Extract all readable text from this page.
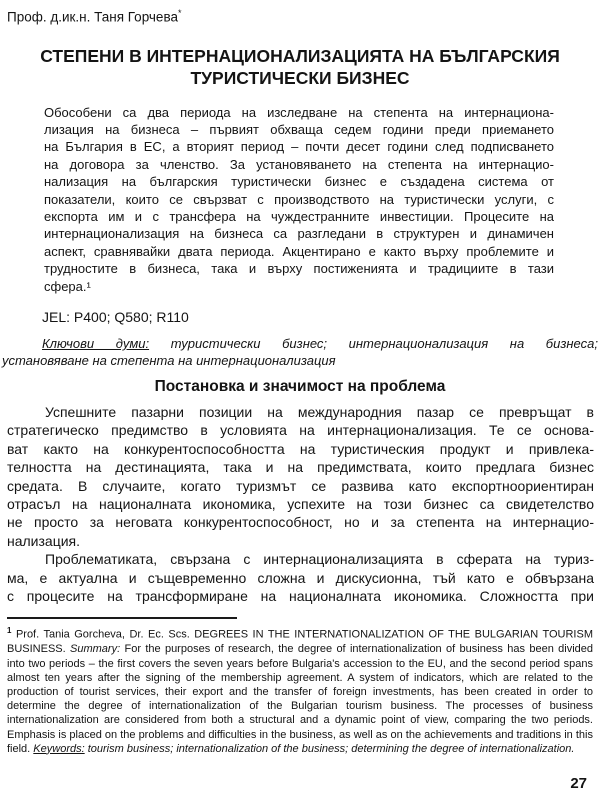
Проф. д.ик.н. Таня Горчева*
СТЕПЕНИ В ИНТЕРНАЦИОНАЛИЗАЦИЯТА НА БЪЛГАРСКИЯ
ТУРИСТИЧЕСКИ БИЗНЕС
Обособени са два периода на изследване на степента на интернациона-
лизация на бизнеса – първият обхваща седем години преди приемането
на България в ЕС, а вторият период – почти десет години след подписването
на договора за членство. За установяването на степента на интернацио-
нализация на българския туристически бизнес е създадена система от
показатели, които се свързват с производството на туристически услуги, с
експорта им и с трансфера на чуждестранните инвестиции. Процесите на
интернационализация на бизнеса са разгледани в структурен и динамичен
аспект, сравнявайки двата периода. Акцентирано е както върху проблемите и
трудностите в бизнеса, така и върху постиженията и традициите в тази
сфера.¹
JEL: P400; Q580; R110
Ключови думи: туристически бизнес; интернационализация на бизнеса;
установяване на степента на интернационализация
Постановка и значимост на проблема
Успешните пазарни позиции на международния пазар се превръщат в
стратегическо предимство в условията на интернационализация. Те се основа-
ват както на конкурентоспособността на туристическия продукт и привлека-
телността на дестинацията, така и на предимствата, които предлага бизнес
средата. В случаите, когато туризмът се развива като експортноориентиран
отрасъл на националната икономика, успехите на този бизнес са свидетелство
не просто за неговата конкурентоспособност, но и за степента на интернацио-
нализация.
Проблематиката, свързана с интернационализацията в сферата на туриз-
ма, е актуална и същевременно сложна и дискусионна, тъй като е обвързана
с процесите на трансформиране на националната икономика. Сложността при
$^1$ Prof. Tania Gorcheva, Dr. Ec. Scs. DEGREES IN THE INTERNATIONALIZATION OF THE BULGARIAN TOURISM BUSINESS. Summary: For the purposes of research, the degree of internationalization of business has been divided into two periods – the first covers the seven years before Bulgaria's accession to the EU, and the second period spans almost ten years after the signing of the membership agreement. A system of indicators, which are related to the production of tourist services, their export and the transfer of foreign investments, has been created in order to determine the degree of internationalization of the Bulgarian tourism business. The processes of business internationalization are considered from both a structural and a dynamic point of view, comparing the two periods. Emphasis is placed on the problems and difficulties in the business, as well as on the achievements and traditions in this field. Keywords: tourism business; internationalization of the business; determining the degree of internationalization.
27
